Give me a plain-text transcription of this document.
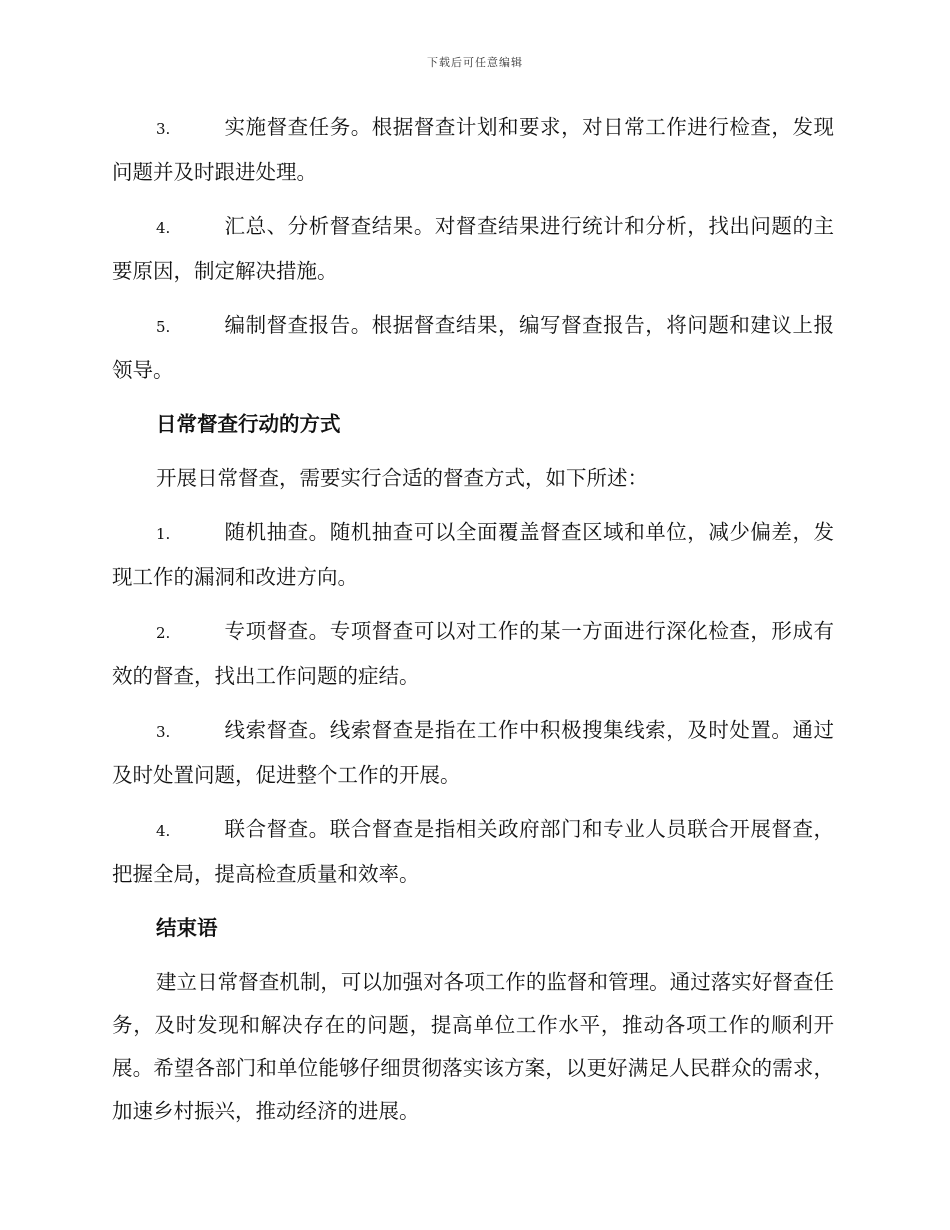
下载后可任意编辑

3.	实施督查任务。根据督查计划和要求，对日常工作进行检查，发现问题并及时跟进处理。

4.	汇总、分析督查结果。对督查结果进行统计和分析，找出问题的主要原因，制定解决措施。

5.	编制督查报告。根据督查结果，编写督查报告，将问题和建议上报领导。

日常督查行动的方式

开展日常督查，需要实行合适的督查方式，如下所述：

1.	随机抽查。随机抽查可以全面覆盖督查区域和单位，减少偏差，发现工作的漏洞和改进方向。

2.	专项督查。专项督查可以对工作的某一方面进行深化检查，形成有效的督查，找出工作问题的症结。

3.	线索督查。线索督查是指在工作中积极搜集线索，及时处置。通过及时处置问题，促进整个工作的开展。

4.	联合督查。联合督查是指相关政府部门和专业人员联合开展督查，把握全局，提高检查质量和效率。

结束语

建立日常督查机制，可以加强对各项工作的监督和管理。通过落实好督查任务，及时发现和解决存在的问题，提高单位工作水平，推动各项工作的顺利开展。希望各部门和单位能够仔细贯彻落实该方案，以更好满足人民群众的需求，加速乡村振兴，推动经济的进展。
